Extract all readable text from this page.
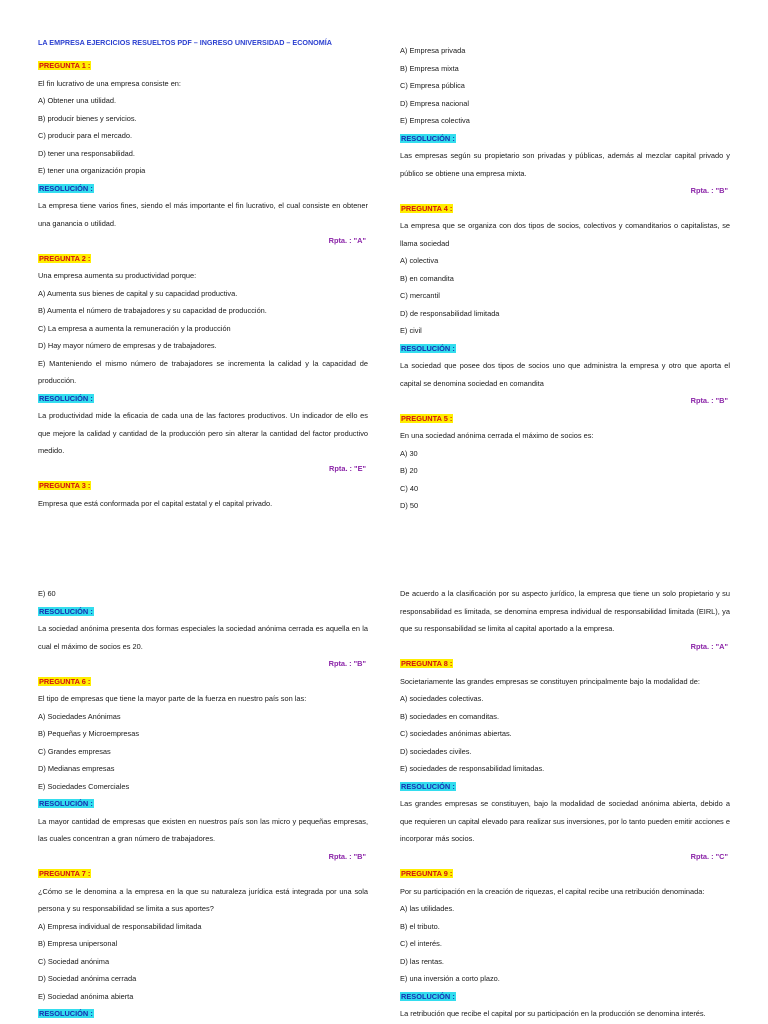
LA EMPRESA EJERCICIOS RESUELTOS PDF – INGRESO UNIVERSIDAD – ECONOMÍA
PREGUNTA 1 :
El fin lucrativo de una empresa consiste en:
A) Obtener una utilidad.
B) producir bienes y servicios.
C) producir para el mercado.
D) tener una responsabilidad.
E) tener una organización propia
RESOLUCIÓN :
La empresa tiene varios fines, siendo el más importante el fin lucrativo, el cual consiste en obtener una ganancia o utilidad.
Rpta. : "A"
PREGUNTA 2 :
Una empresa aumenta su productividad porque:
A) Aumenta sus bienes de capital y su capacidad productiva.
B) Aumenta el número de trabajadores y su capacidad de producción.
C) La empresa a aumenta la remuneración y la producción
D) Hay mayor número de empresas y de trabajadores.
E) Manteniendo el mismo número de trabajadores se incrementa la calidad y la capacidad de producción.
RESOLUCIÓN :
La productividad mide la eficacia de cada una de las factores productivos. Un indicador de ello es que mejore la calidad y cantidad de la producción pero sin alterar la cantidad del factor productivo medido.
Rpta. : "E"
PREGUNTA 3 :
Empresa que está conformada por el capital estatal y el capital privado.
A) Empresa privada
B) Empresa mixta
C) Empresa pública
D) Empresa nacional
E) Empresa colectiva
RESOLUCIÓN :
Las empresas según su propietario son privadas y públicas, además al mezclar capital privado y público se obtiene una empresa mixta.
Rpta. : "B"
PREGUNTA 4 :
La empresa que se organiza con dos tipos de socios, colectivos y comanditarios o capitalistas, se llama sociedad
A) colectiva
B) en comandita
C) mercantil
D) de responsabilidad limitada
E) civil
RESOLUCIÓN :
La sociedad que posee dos tipos de socios uno que administra la empresa y otro que aporta el capital se denomina sociedad en comandita
Rpta. : "B"
PREGUNTA 5 :
En una sociedad anónima cerrada el máximo de socios es:
A) 30
B) 20
C) 40
D) 50
E) 60
RESOLUCIÓN :
La sociedad anónima presenta dos formas especiales la sociedad anónima cerrada es aquella en la cual el máximo de socios es 20.
Rpta. : "B"
PREGUNTA 6 :
El tipo de empresas que tiene la mayor parte de la fuerza en nuestro país son las:
A) Sociedades Anónimas
B) Pequeñas y Microempresas
C) Grandes empresas
D) Medianas empresas
E) Sociedades Comerciales
RESOLUCIÓN :
La mayor cantidad de empresas que existen en nuestros país son las micro y pequeñas empresas, las cuales concentran a gran número de trabajadores.
Rpta. : "B"
PREGUNTA 7 :
¿Cómo se le denomina a la empresa en la que su naturaleza jurídica está integrada por una sola persona y su responsabilidad se limita a sus aportes?
A) Empresa individual de responsabilidad limitada
B) Empresa unipersonal
C) Sociedad anónima
D) Sociedad anónima cerrada
E) Sociedad anónima abierta
RESOLUCIÓN :
De acuerdo a la clasificación por su aspecto jurídico, la empresa que tiene un solo propietario y su responsabilidad es limitada, se denomina empresa individual de responsabilidad limitada (EIRL), ya que su responsabilidad se limita al capital aportado a la empresa.
Rpta. : "A"
PREGUNTA 8 :
Societariamente las grandes empresas se constituyen principalmente bajo la modalidad de:
A) sociedades colectivas.
B) sociedades en comanditas.
C) sociedades anónimas abiertas.
D) sociedades civiles.
E) sociedades de responsabilidad limitadas.
RESOLUCIÓN :
Las grandes empresas se constituyen, bajo la modalidad de sociedad anónima abierta, debido a que requieren un capital elevado para realizar sus inversiones, por lo tanto pueden emitir acciones e incorporar más socios.
Rpta. : "C"
PREGUNTA 9 :
Por su participación en la creación de riquezas, el capital recibe una retribución denominada:
A) las utilidades.
B) el tributo.
C) el interés.
D) las rentas.
E) una inversión a corto plazo.
RESOLUCIÓN :
La retribución que recibe el capital por su participación en la producción se denomina interés.
